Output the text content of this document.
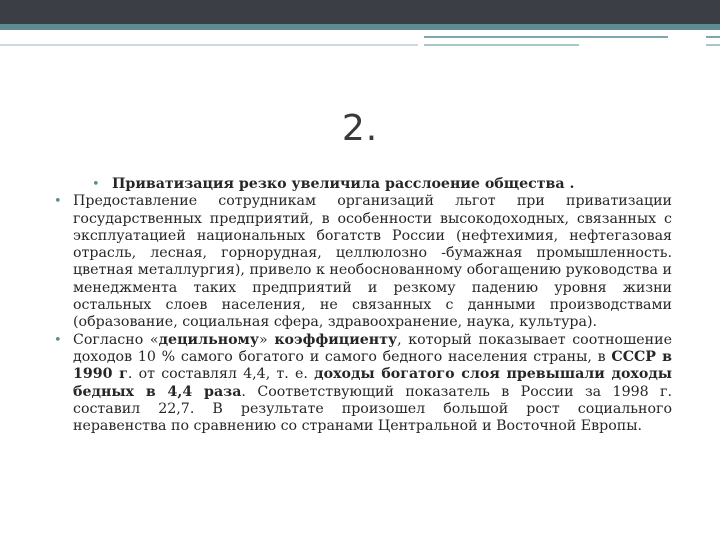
2.
• Приватизация резко увеличила расслоение общества .
• Предоставление сотрудникам организаций льгот при приватизации государственных предприятий, в особенности высокодоходных, связанных с эксплуатацией национальных богатств России (нефтехимия, нефтегазовая отрасль, лесная, горнорудная, целлюлозно -бумажная промышленность. цветная металлургия), привело к необоснованному обогащению руководства и менеджмента таких предприятий и резкому падению уровня жизни остальных слоев населения, не связанных с данными производствами (образование, социальная сфера, здравоохранение, наука, культура).
• Согласно «децильному» коэффициенту, который показывает соотношение доходов 10 % самого богатого и самого бедного населения страны, в СССР в 1990 г. от составлял 4,4, т. е. доходы богатого слоя превышали доходы бедных в 4,4 раза. Соответствующий показатель в России за 1998 г. составил 22,7. В результате произошел большой рост социального неравенства по сравнению со странами Центральной и Восточной Европы.
